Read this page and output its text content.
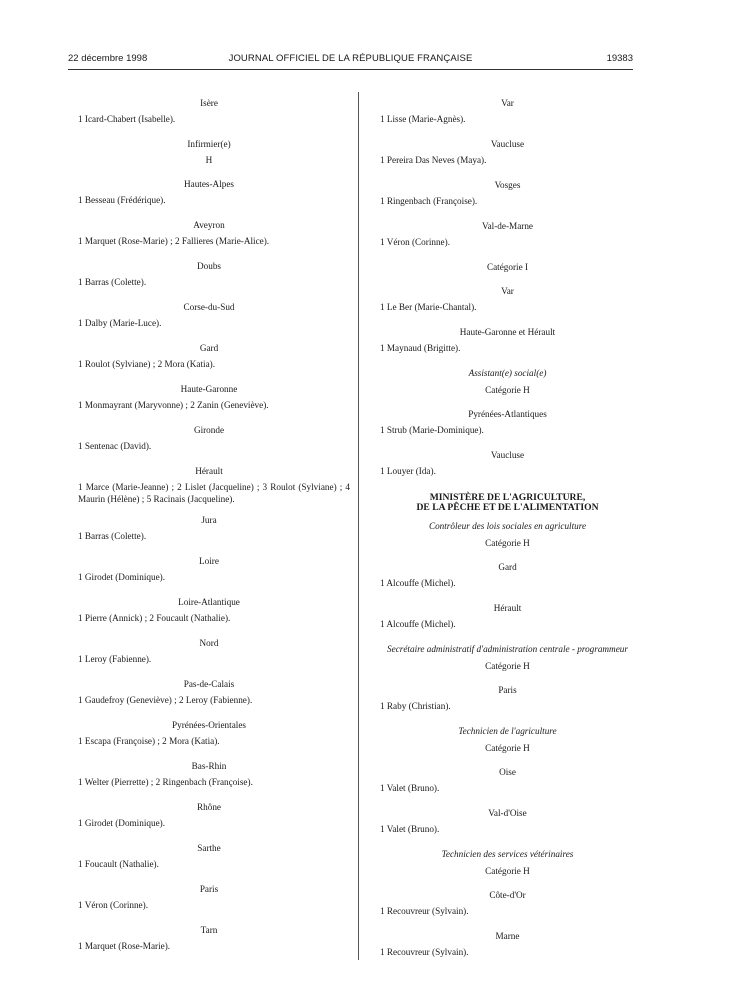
22 décembre 1998	JOURNAL OFFICIEL DE LA RÉPUBLIQUE FRANÇAISE	19383
Isère
1 Icard-Chabert (Isabelle).
Infirmier(e)
H
Hautes-Alpes
1 Besseau (Frédérique).
Aveyron
1 Marquet (Rose-Marie) ; 2 Fallieres (Marie-Alice).
Doubs
1 Barras (Colette).
Corse-du-Sud
1 Dalby (Marie-Luce).
Gard
1 Roulot (Sylviane) ; 2 Mora (Katia).
Haute-Garonne
1 Monmayrant (Maryvonne) ; 2 Zanin (Geneviève).
Gironde
1 Sentenac (David).
Hérault
1 Marce (Marie-Jeanne) ; 2 Lislet (Jacqueline) ; 3 Roulot (Sylviane) ; 4 Maurin (Hélène) ; 5 Racinais (Jacqueline).
Jura
1 Barras (Colette).
Loire
1 Girodet (Dominique).
Loire-Atlantique
1 Pierre (Annick) ; 2 Foucault (Nathalie).
Nord
1 Leroy (Fabienne).
Pas-de-Calais
1 Gaudefroy (Geneviève) ; 2 Leroy (Fabienne).
Pyrénées-Orientales
1 Escapa (Françoise) ; 2 Mora (Katia).
Bas-Rhin
1 Welter (Pierrette) ; 2 Ringenbach (Françoise).
Rhône
1 Girodet (Dominique).
Sarthe
1 Foucault (Nathalie).
Paris
1 Véron (Corinne).
Tarn
1 Marquet (Rose-Marie).
Var
1 Lisse (Marie-Agnès).
Vaucluse
1 Pereira Das Neves (Maya).
Vosges
1 Ringenbach (Françoise).
Val-de-Marne
1 Véron (Corinne).
Catégorie I
Var
1 Le Ber (Marie-Chantal).
Haute-Garonne et Hérault
1 Maynaud (Brigitte).
Assistant(e) social(e)
Catégorie H
Pyrénées-Atlantiques
1 Strub (Marie-Dominique).
Vaucluse
1 Louyer (Ida).
MINISTÈRE DE L'AGRICULTURE,
DE LA PÊCHE ET DE L'ALIMENTATION
Contrôleur des lois sociales en agriculture
Catégorie H
Gard
1 Alcouffe (Michel).
Hérault
1 Alcouffe (Michel).
Secrétaire administratif d'administration centrale - programmeur
Catégorie H
Paris
1 Raby (Christian).
Technicien de l'agriculture
Catégorie H
Oise
1 Valet (Bruno).
Val-d'Oise
1 Valet (Bruno).
Technicien des services vétérinaires
Catégorie H
Côte-d'Or
1 Recouvreur (Sylvain).
Marne
1 Recouvreur (Sylvain).
